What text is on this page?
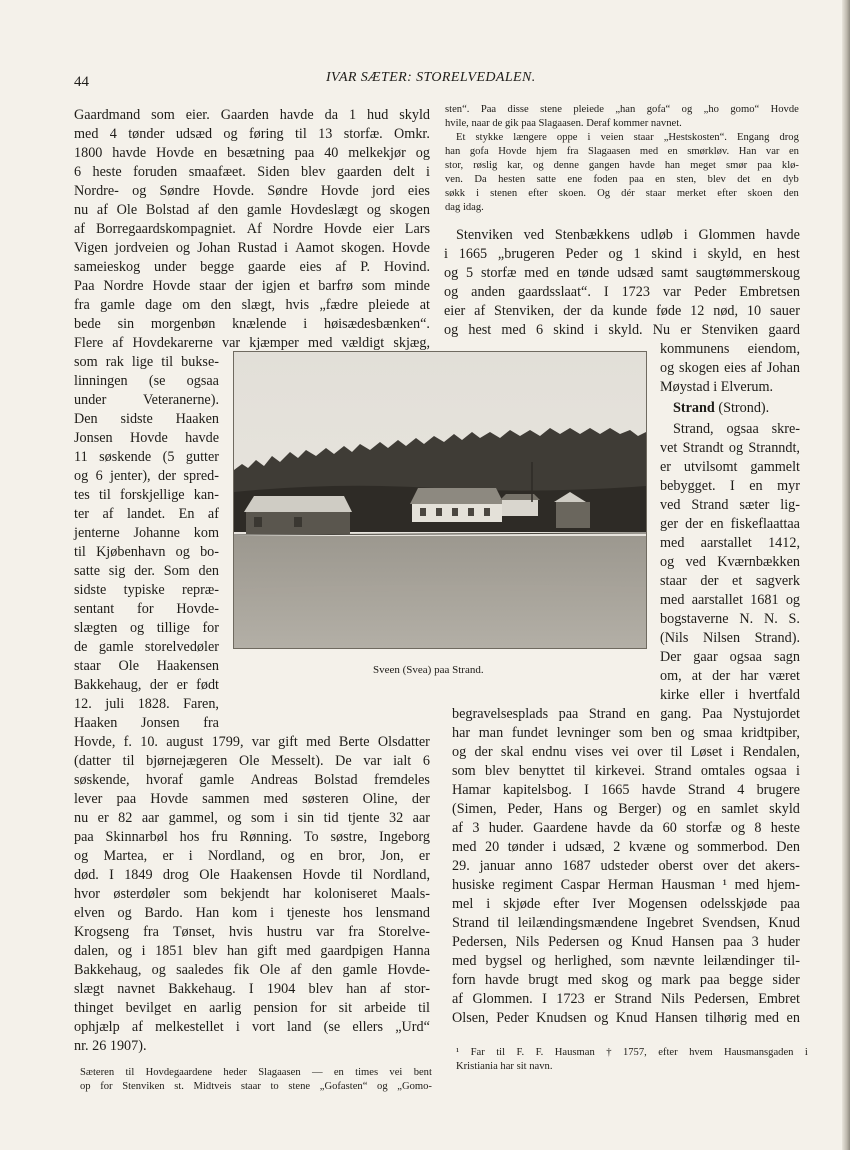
44	IVAR SÆTER: STORELVEDALEN.
Gaardmand som eier. Gaarden havde da 1 hud skyld
med 4 tønder udsæd og føring til 13 storfæ. Omkr.
1800 havde Hovde en besætning paa 40 melkekjør og
6 heste foruden smaafæet. Siden blev gaarden delt i
Nordre- og Søndre Hovde. Søndre Hovde jord eies
nu af Ole Bolstad af den gamle Hovdeslægt og skogen
af Borregaardskompagniet. Af Nordre Hovde eier Lars
Vigen jordveien og Johan Rustad i Aamot skogen. Hovde
sameieskog under begge gaarde eies af P. Hovind.
Paa Nordre Hovde staar der igjen et barfrø som minde
fra gamle dage om den slægt, hvis „fædre pleiede at
bede sin morgenbøn knælende i høisædesbænken“.
Flere af Hovdekarerne var kjæmper med vældigt skjæg,
som rak lige til bukse-
linningen (se ogsaa
under	Veteranerne).
Den sidste Haaken
Jonsen Hovde havde
11 søskende (5 gutter
og 6 jenter), der spred-
tes til forskjellige kan-
ter af landet. En af
jenterne Johanne kom
til Kjøbenhavn og bo-
satte sig der. Som den
sidste typiske repræ-
sentant for Hovde-
slægten og tillige for
de gamle storelvedøler
staar Ole Haakensen
Bakkehaug, der er født
12. juli 1828. Faren,
Haaken Jonsen fra
Hovde, f. 10. august 1799, var gift med Berte Olsdatter
(datter til bjørnejægeren Ole Messelt). De var ialt 6
søskende, hvoraf gamle Andreas Bolstad fremdeles
lever paa Hovde sammen med søsteren Oline, der
nu er 82 aar gammel, og som i sin tid tjente 32 aar
paa Skinnarbøl hos fru Rønning. To søstre, Ingeborg
og Martea, er i Nordland, og en bror, Jon, er
død. I 1849 drog Ole Haakensen Hovde til Nordland,
hvor østerdøler som bekjendt har koloniseret Maals-
elven og Bardo. Han kom i tjeneste hos lensmand
Krogseng fra Tønset, hvis hustru var fra Storelve-
dalen, og i 1851 blev han gift med gaardpigen Hanna
Bakkehaug, og saaledes fik Ole af den gamle Hovde-
slægt navnet Bakkehaug. I 1904 blev han af stor-
thinget bevilget en aarlig pension for sit arbeide til
ophjælp af melkestellet i vort land (se ellers „Urd“
nr. 26 1907).
Sæteren til Hovdegaardene heder Slagaasen — en times vei bent
op for Stenviken st. Midtveis staar to stene „Gofasten“ og „Gomo-
sten“. Paa disse stene pleiede „han gofa“ og „ho gomo“ Hovde
hvile, naar de gik paa Slagaasen. Deraf kommer navnet.
Et stykke længere oppe i veien staar „Hestskosten“. Engang drog
han gofa Hovde hjem fra Slagaasen med en smørkløv. Han var en
stor, røslig kar, og denne gangen havde han meget smør paa klø-
ven. Da hesten satte ene foden paa en sten, blev det en dyb
søkk i stenen efter skoen. Og dér staar merket efter skoen den
dag idag.
Stenviken ved Stenbækkens udløb i Glommen havde
i 1665 „brugeren Peder og 1 skind i skyld, en hest
og 5 storfæ med en tønde udsæd samt saugtømmerskoug
og anden gaardsslaat“. I 1723 var Peder Embretsen
eier af Stenviken, der da kunde føde 12 nød, 10 sauer
og hest med 6 skind i skyld. Nu er Stenviken gaard
kommunens eiendom,
og skogen eies af Johan
Møystad i Elverum.
Strand (Strond).
Strand, ogsaa skre-
vet Strandt og Stranndt,
er utvilsomt gammelt
bebygget. I en myr
ved Strand sæter lig-
ger der en fiskeflaattaa
med aarstallet 1412,
og ved Kværnbækken
staar der et sagverk
med aarstallet 1681 og
bogstaverne N. N. S.
(Nils Nilsen Strand).
Der gaar ogsaa sagn
om, at der har været
kirke eller i hvertfald
begravelsesplads paa Strand en gang. Paa Nystujordet
har man fundet levninger som ben og smaa kridtpiber,
og der skal endnu vises vei over til Løset i Rendalen,
som blev benyttet til kirkevei. Strand omtales ogsaa i
Hamar kapitelsbog. I 1665 havde Strand 4 brugere
(Simen, Peder, Hans og Berger) og en samlet skyld
af 3 huder. Gaardene havde da 60 storfæ og 8 heste
med 20 tønder i udsæd, 2 kvæne og sommerbod. Den
29. januar anno 1687 udsteder oberst over det akers-
husiske regiment Caspar Herman Hausman ¹ med hjem-
mel i skjøde efter Iver Mogensen odelsskjøde paa
Strand til leilændingsmændene Ingebret Svendsen, Knud
Pedersen, Nils Pedersen og Knud Hansen paa 3 huder
med bygsel og herlighed, som nævnte leilændinger til-
forn havde brugt med skog og mark paa begge sider
af Glommen. I 1723 er Strand Nils Pedersen, Embret
Olsen, Peder Knudsen og Knud Hansen tilhørig med en
¹ Far til F. F. Hausman † 1757, efter hvem Hausmansgaden i
Kristiania har sit navn.
Sveen (Svea) paa Strand.
